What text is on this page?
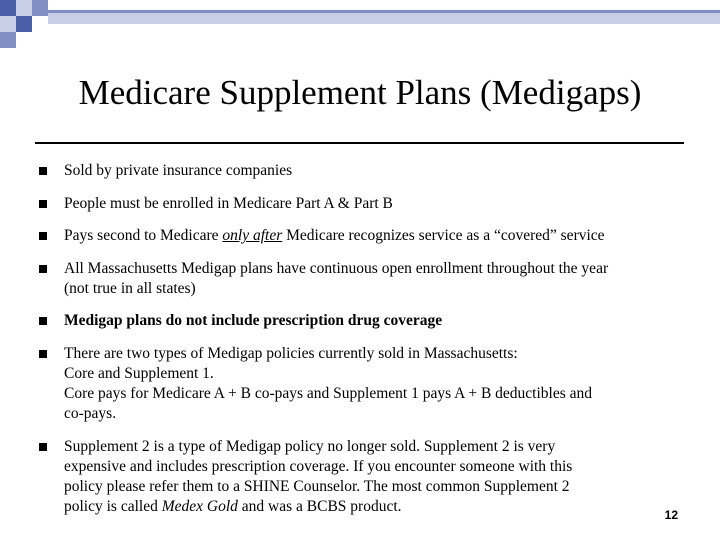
Medicare Supplement Plans (Medigaps)
Sold by private insurance companies
People must be enrolled in Medicare Part A & Part B
Pays second to Medicare only after Medicare recognizes service as a “covered” service
All Massachusetts Medigap plans have continuous open enrollment throughout the year
(not true in all states)
Medigap plans do not include prescription drug coverage
There are two types of Medigap policies currently sold in Massachusetts:
Core and Supplement 1.
Core pays for Medicare A + B co-pays and Supplement 1 pays A + B deductibles and
co-pays.
Supplement 2 is a type of Medigap policy no longer sold. Supplement 2 is very
expensive and includes prescription coverage. If you encounter someone with this
policy please refer them to a SHINE Counselor. The most common Supplement 2
policy is called Medex Gold and was a BCBS product.	12
